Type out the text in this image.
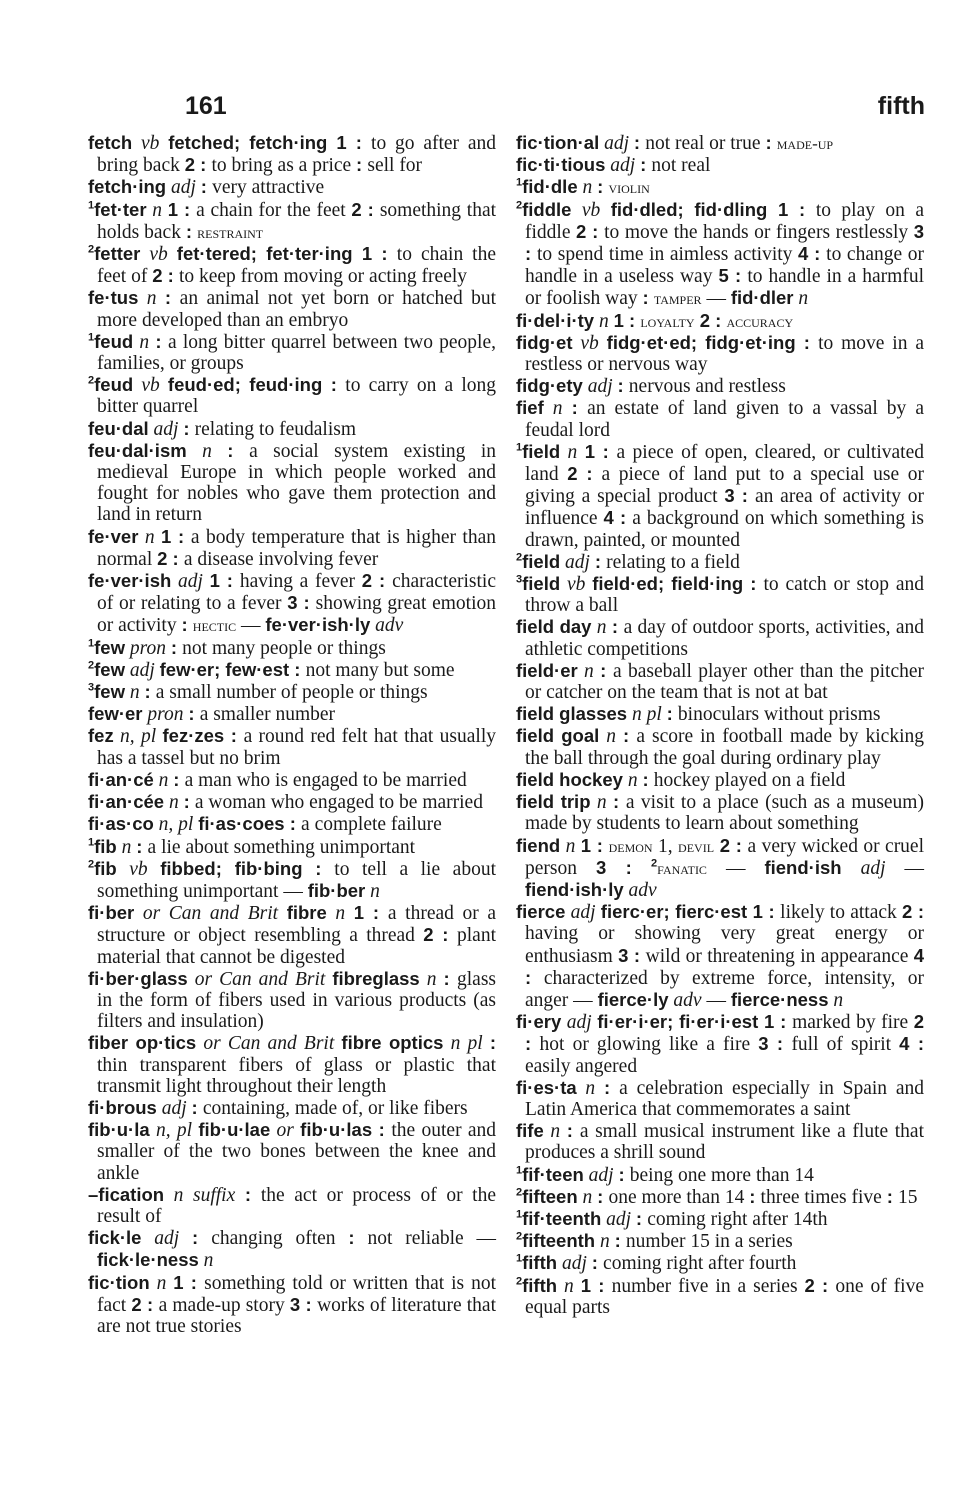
161	fifth

fetch vb fetched; fetch·ing 1 : to go after and bring back 2 : to bring as a price : sell for

fetch·ing adj : very attractive

$^1$fet·ter n 1 : a chain for the feet 2 : something that holds back : restraint

$^2$fetter vb fet·tered; fet·ter·ing 1 : to chain the feet of 2 : to keep from moving or acting freely

fe·tus n : an animal not yet born or hatched but more developed than an embryo

$^1$feud n : a long bitter quarrel between two people, families, or groups

$^2$feud vb feud·ed; feud·ing : to carry on a long bitter quarrel

feu·dal adj : relating to feudalism

feu·dal·ism n : a social system existing in medieval Europe in which people worked and fought for nobles who gave them protection and land in return

fe·ver n 1 : a body temperature that is higher than normal 2 : a disease involving fever

fe·ver·ish adj 1 : having a fever 2 : characteristic of or relating to a fever 3 : showing great emotion or activity : hectic — fe·ver·ish·ly adv

$^1$few pron : not many people or things

$^2$few adj few·er; few·est : not many but some

$^3$few n : a small number of people or things

few·er pron : a smaller number

fez n, pl fez·zes : a round red felt hat that usually has a tassel but no brim

fi·an·cé n : a man who is engaged to be married

fi·an·cée n : a woman who engaged to be married

fi·as·co n, pl fi·as·coes : a complete failure

$^1$fib n : a lie about something unimportant

$^2$fib vb fibbed; fib·bing : to tell a lie about something unimportant — fib·ber n

fi·ber or Can and Brit fibre n 1 : a thread or a structure or object resembling a thread 2 : plant material that cannot be digested

fi·ber·glass or Can and Brit fibreglass n : glass in the form of fibers used in various products (as filters and insulation)

fiber op·tics or Can and Brit fibre optics n pl : thin transparent fibers of glass or plastic that transmit light throughout their length

fi·brous adj : containing, made of, or like fibers

fib·u·la n, pl fib·u·lae or fib·u·las : the outer and smaller of the two bones between the knee and ankle

–fication n suffix : the act or process of or the result of

fick·le adj : changing often : not reliable — fick·le·ness n

fic·tion n 1 : something told or written that is not fact 2 : a made-up story 3 : works of literature that are not true stories

fic·tion·al adj : not real or true : made-up

fic·ti·tious adj : not real

$^1$fid·dle n : violin

$^2$fiddle vb fid·dled; fid·dling 1 : to play on a fiddle 2 : to move the hands or fingers restlessly 3 : to spend time in aimless activity 4 : to change or handle in a useless way 5 : to handle in a harmful or foolish way : tamper — fid·dler n

fi·del·i·ty n 1 : loyalty 2 : accuracy

fidg·et vb fidg·et·ed; fidg·et·ing : to move in a restless or nervous way

fidg·ety adj : nervous and restless

fief n : an estate of land given to a vassal by a feudal lord

$^1$field n 1 : a piece of open, cleared, or cultivated land 2 : a piece of land put to a special use or giving a special product 3 : an area of activity or influence 4 : a background on which something is drawn, painted, or mounted

$^2$field adj : relating to a field

$^3$field vb field·ed; field·ing : to catch or stop and throw a ball

field day n : a day of outdoor sports, activities, and athletic competitions

field·er n : a baseball player other than the pitcher or catcher on the team that is not at bat

field glasses n pl : binoculars without prisms

field goal n : a score in football made by kicking the ball through the goal during ordinary play

field hockey n : hockey played on a field

field trip n : a visit to a place (such as a museum) made by students to learn about something

fiend n 1 : demon 1, devil 2 : a very wicked or cruel person 3 : $^2$fanatic — fiend·ish adj — fiend·ish·ly adv

fierce adj fierc·er; fierc·est 1 : likely to attack 2 : having or showing very great energy or enthusiasm 3 : wild or threatening in appearance 4 : characterized by extreme force, intensity, or anger — fierce·ly adv — fierce·ness n

fi·ery adj fi·er·i·er; fi·er·i·est 1 : marked by fire 2 : hot or glowing like a fire 3 : full of spirit 4 : easily angered

fi·es·ta n : a celebration especially in Spain and Latin America that commemorates a saint

fife n : a small musical instrument like a flute that produces a shrill sound

$^1$fif·teen adj : being one more than 14

$^2$fifteen n : one more than 14 : three times five : 15

$^1$fif·teenth adj : coming right after 14th

$^2$fifteenth n : number 15 in a series

$^1$fifth adj : coming right after fourth

$^2$fifth n 1 : number five in a series 2 : one of five equal parts
